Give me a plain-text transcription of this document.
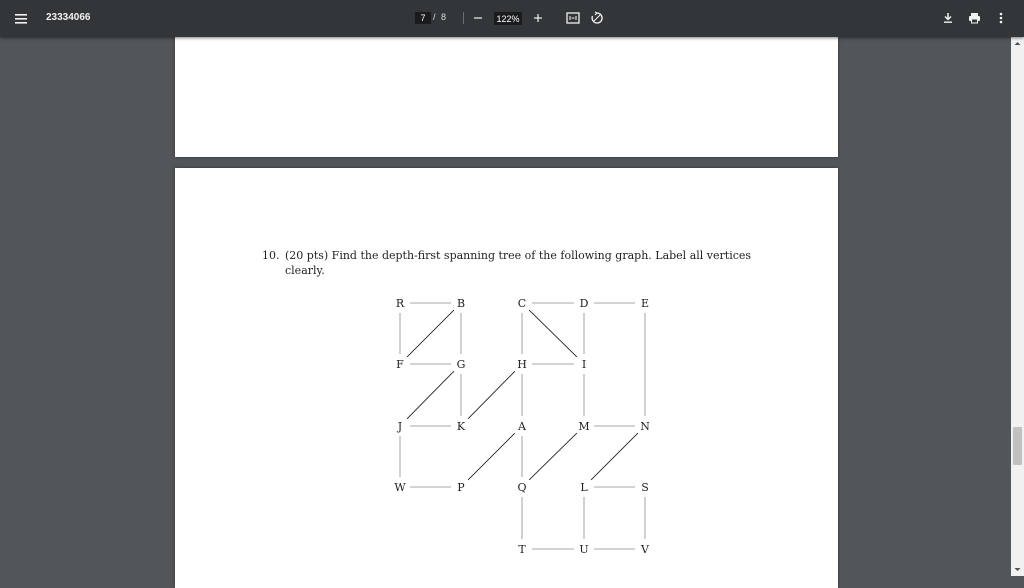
23334066	7 / 8	122%
10. (20 pts) Find the depth-first spanning tree of the following graph. Label all vertices clearly.
R	B	C	D	E
F	G	H	I
J	K	A	M	N
W	P	Q	L	S
T	U	V
